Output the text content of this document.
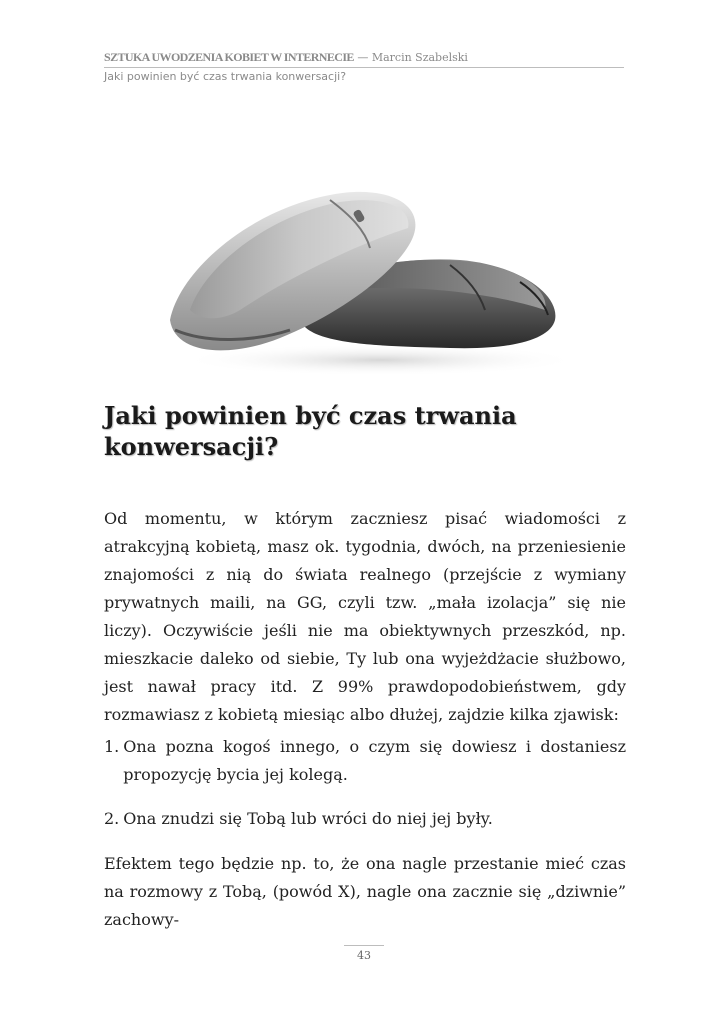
SZTUKA UWODZENIA KOBIET W INTERNECIE — Marcin Szabelski
Jaki powinien być czas trwania konwersacji?
Jaki powinien być czas trwania konwersacji?

Od momentu, w którym zaczniesz pisać wiadomości z atrakcyjną kobietą, masz ok. tygodnia, dwóch, na przeniesienie znajomości z nią do świata realnego (przejście z wymiany prywatnych maili, na GG, czyli tzw. „mała izolacja” się nie liczy). Oczywiście jeśli nie ma obiektywnych przeszkód, np. mieszkacie daleko od siebie, Ty lub ona wyjeżdżacie służbowo, jest nawał pracy itd. Z 99% prawdopodobieństwem, gdy rozmawiasz z kobietą miesiąc albo dłużej, zajdzie kilka zjawisk:

1. Ona pozna kogoś innego, o czym się dowiesz i dostaniesz propozycję bycia jej kolegą.
2. Ona znudzi się Tobą lub wróci do niej jej były.

Efektem tego będzie np. to, że ona nagle przestanie mieć czas na rozmowy z Tobą, (powód X), nagle ona zacznie się „dziwnie” zachowy-

43
